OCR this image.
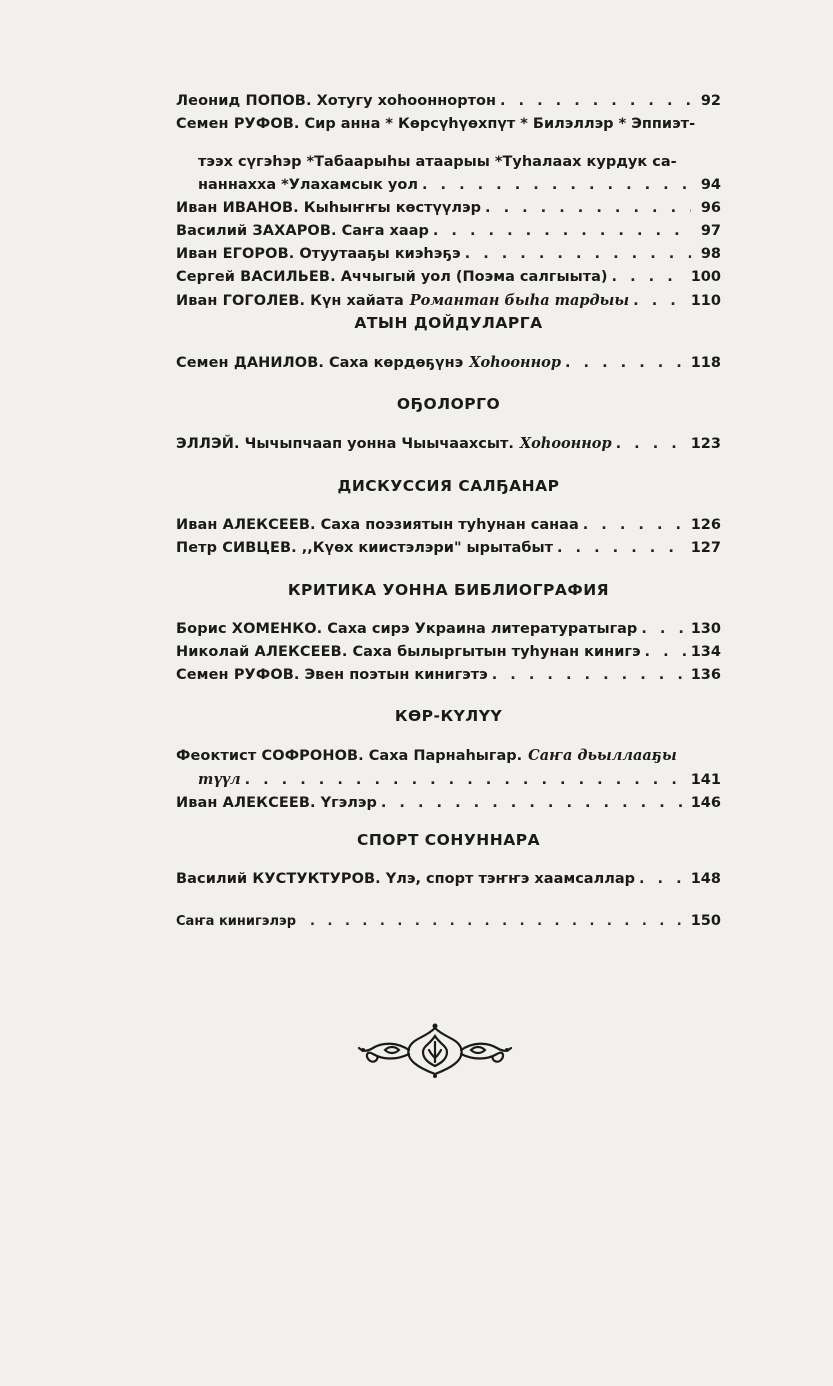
Леонид ПОПОВ. Хотугу хоhооннортон . . .	92
Семен РУФОВ. Сир анна * Көрсүhүөхпүт * Билэллэр * Эппиэт-
тээх сүгэhэр *Табаарыhы атаарыы *Туhалаах курдук са-
наннахха *Улахамсык уол . . .	94
Иван ИВАНОВ. Кыhыҥҥы көстүүлэр . . .	96
Василий ЗАХАРОВ. Саҥа хаар . . .	97
Иван ЕГОРОВ. Отуутааҕы киэhэҕэ . . .	98
Сергей ВАСИЛЬЕВ. Аччыгый уол (Поэма салгыыта) . . .	100
Иван ГОГОЛЕВ. Күн хайата Романтан быhа тардыы . . .	110
АТЫН ДОЙДУЛАРГА
Семен ДАНИЛОВ. Саха көрдөҕүнэ Хоhооннор . . .	118
ОҔОЛОРГО
ЭЛЛЭЙ. Чычыпчаап уонна Чыычаахсыт. Хоhооннор . . .	123
ДИСКУССИЯ САЛҔАНАР
Иван АЛЕКСЕЕВ. Саха поэзиятын туhунан санаа . . .	126
Петр СИВЦЕВ. ,,Күөх киистэлэри" ырытабыт . . .	127
КРИТИКА УОННА БИБЛИОГРАФИЯ
Борис ХОМЕНКО. Саха сирэ Украина литературатыгар . . .	130
Николай АЛЕКСЕЕВ. Саха былыргытын туhунан кинигэ . . .	134
Семен РУФОВ. Эвен поэтын кинигэтэ . . .	136
КӨР-КҮЛҮҮ
Феоктист СОФРОНОВ. Саха Парнаhыгар. Саҥа дьыллааҕы
түүл . . .	141
Иван АЛЕКСЕЕВ. Үгэлэр . . .	146
СПОРТ СОНУННАРА
Василий КУСТУКТУРОВ. Үлэ, спорт тэҥҥэ хаамсаллар . . .	148
Саҥа кинигэлэр . . .	150
